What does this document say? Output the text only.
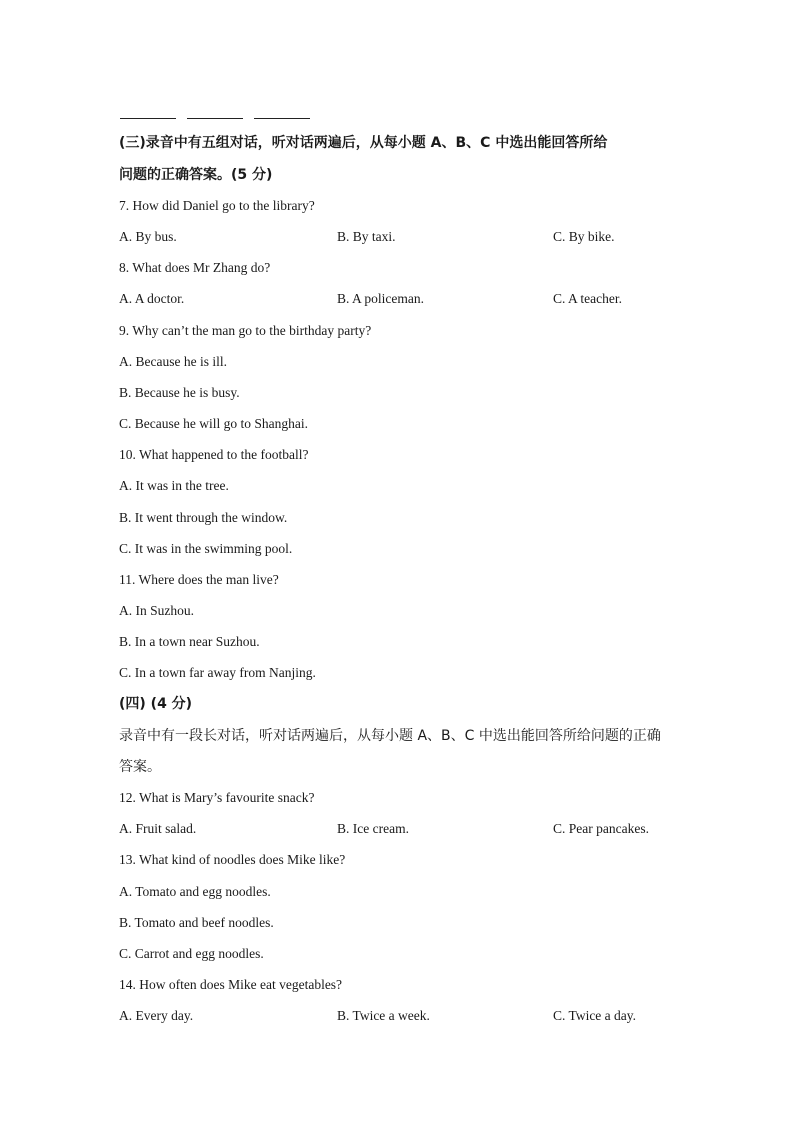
(三)录音中有五组对话，听对话两遍后，从每小题 A、B、C 中选出能回答所给
问题的正确答案。(5 分)
7. How did Daniel go to the library?
A. By bus.	B. By taxi.	C. By bike.
8. What does Mr Zhang do?
A. A doctor.	B. A policeman.	C. A teacher.
9. Why can’t the man go to the birthday party?
A. Because he is ill.
B. Because he is busy.
C. Because he will go to Shanghai.
10. What happened to the football?
A. It was in the tree.
B. It went through the window.
C. It was in the swimming pool.
11. Where does the man live?
A. In Suzhou.
B. In a town near Suzhou.
C. In a town far away from Nanjing.
(四) (4 分)
录音中有一段长对话，听对话两遍后，从每小题 A、B、C 中选出能回答所给问题的正确
答案。
12. What is Mary’s favourite snack?
A. Fruit salad.	B. Ice cream.	C. Pear pancakes.
13. What kind of noodles does Mike like?
A. Tomato and egg noodles.
B. Tomato and beef noodles.
C. Carrot and egg noodles.
14. How often does Mike eat vegetables?
A. Every day.	B. Twice a week.	C. Twice a day.
